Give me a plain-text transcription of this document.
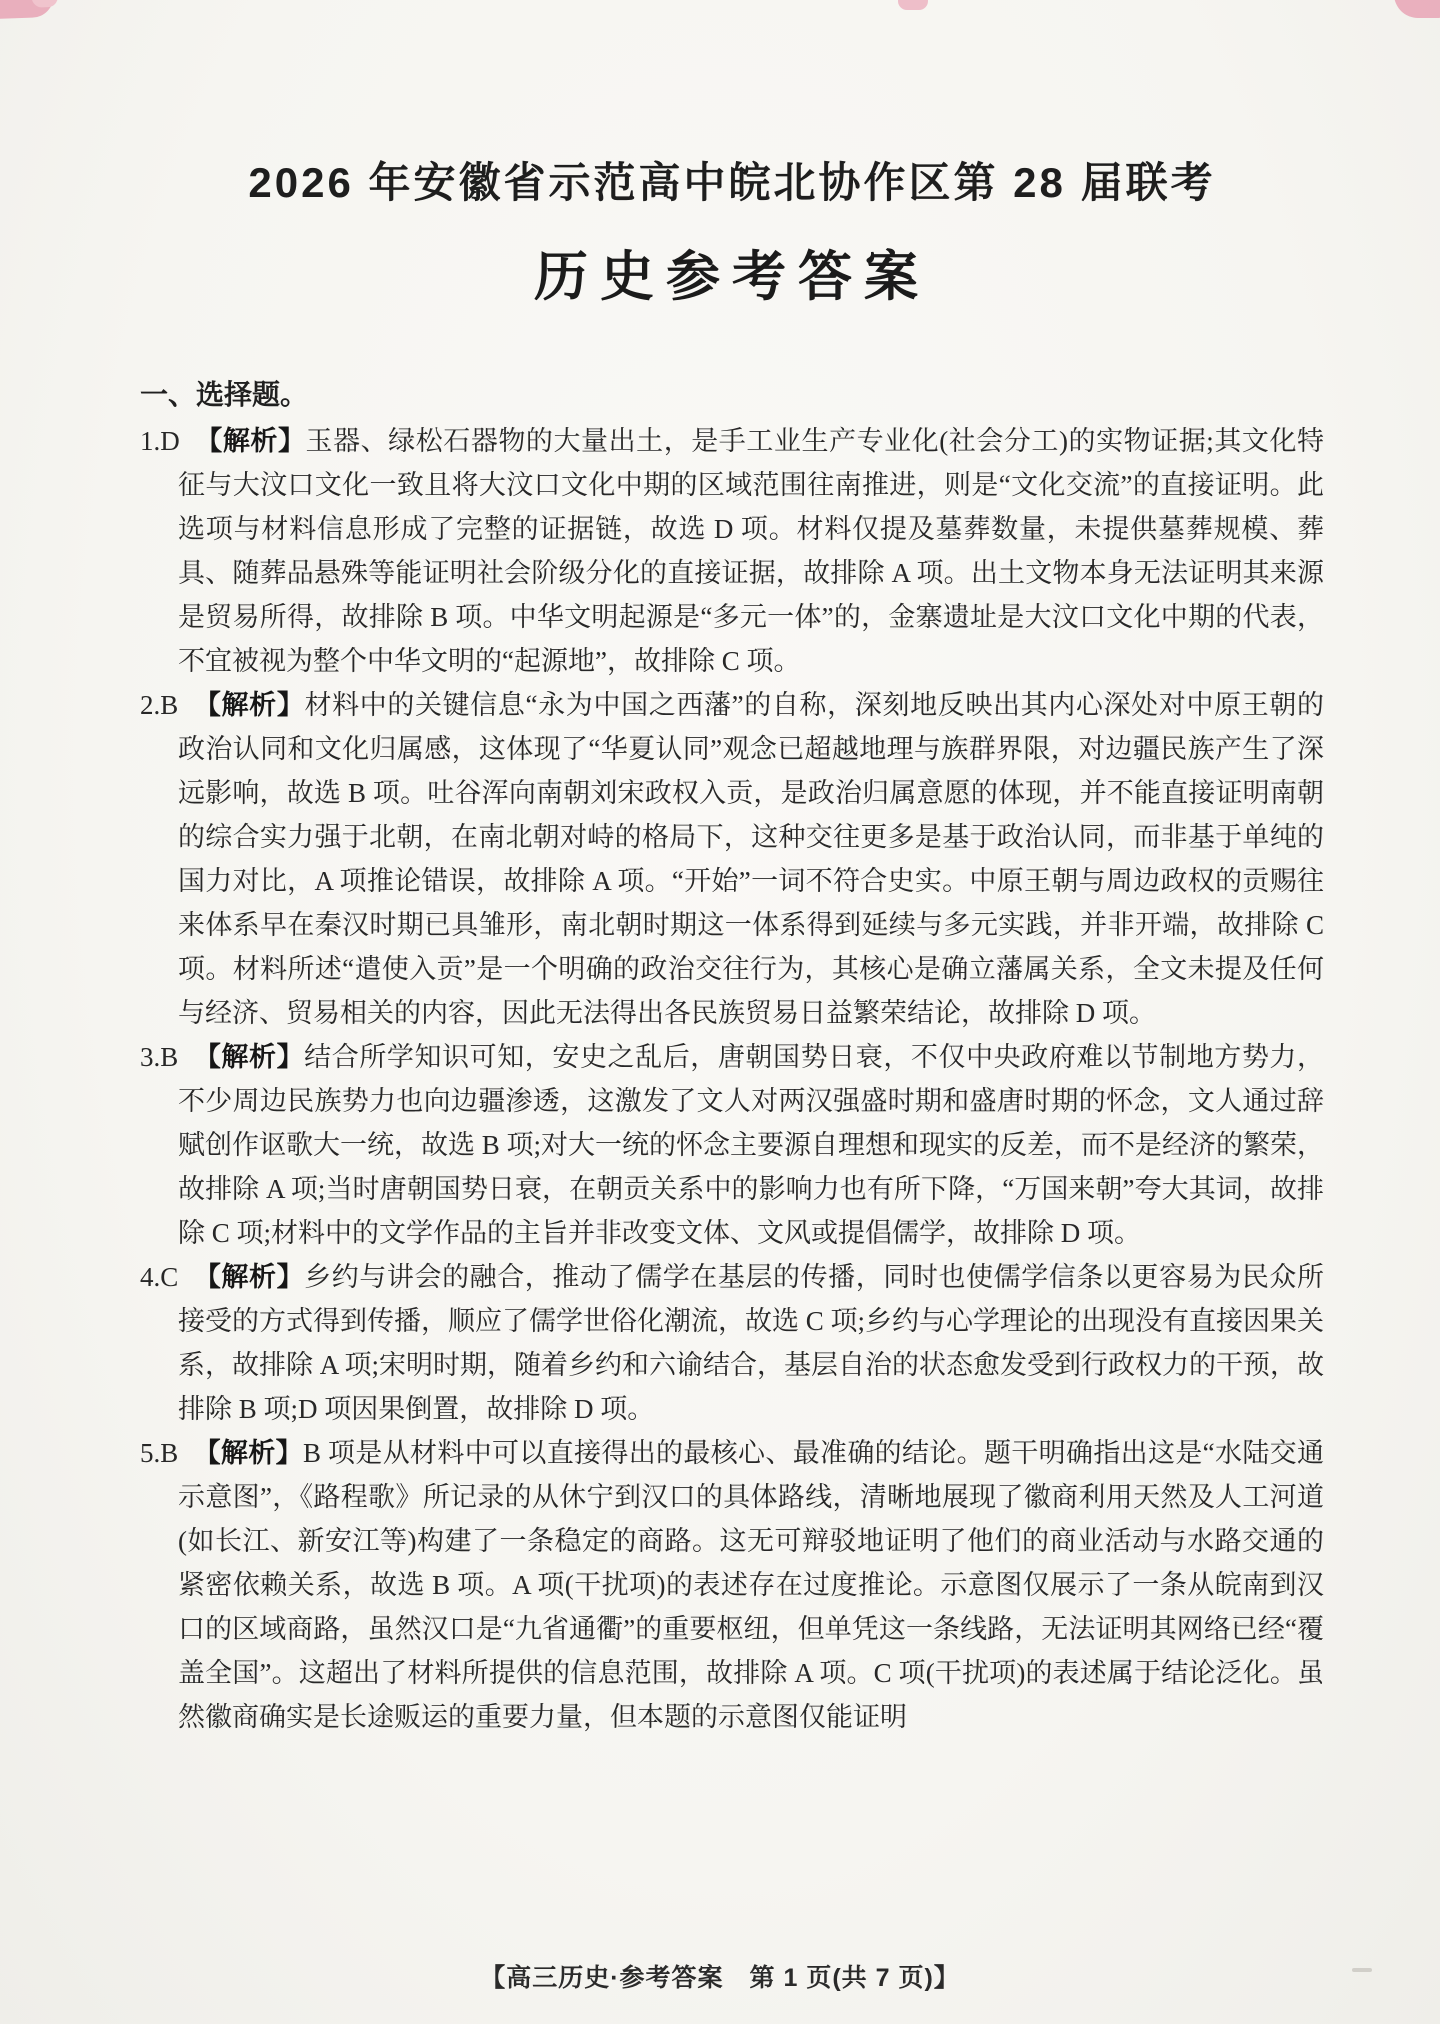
2026 年安徽省示范高中皖北协作区第 28 届联考
历史参考答案
一、选择题。

1.D 【解析】玉器、绿松石器物的大量出土，是手工业生产专业化(社会分工)的实物证据;其文化特征与大汶口文化一致且将大汶口文化中期的区域范围往南推进，则是“文化交流”的直接证明。此选项与材料信息形成了完整的证据链，故选 D 项。材料仅提及墓葬数量，未提供墓葬规模、葬具、随葬品悬殊等能证明社会阶级分化的直接证据，故排除 A 项。出土文物本身无法证明其来源是贸易所得，故排除 B 项。中华文明起源是“多元一体”的，金寨遗址是大汶口文化中期的代表，不宜被视为整个中华文明的“起源地”，故排除 C 项。

2.B 【解析】材料中的关键信息“永为中国之西藩”的自称，深刻地反映出其内心深处对中原王朝的政治认同和文化归属感，这体现了“华夏认同”观念已超越地理与族群界限，对边疆民族产生了深远影响，故选 B 项。吐谷浑向南朝刘宋政权入贡，是政治归属意愿的体现，并不能直接证明南朝的综合实力强于北朝，在南北朝对峙的格局下，这种交往更多是基于政治认同，而非基于单纯的国力对比，A 项推论错误，故排除 A 项。“开始”一词不符合史实。中原王朝与周边政权的贡赐往来体系早在秦汉时期已具雏形，南北朝时期这一体系得到延续与多元实践，并非开端，故排除 C 项。材料所述“遣使入贡”是一个明确的政治交往行为，其核心是确立藩属关系，全文未提及任何与经济、贸易相关的内容，因此无法得出各民族贸易日益繁荣结论，故排除 D 项。

3.B 【解析】结合所学知识可知，安史之乱后，唐朝国势日衰，不仅中央政府难以节制地方势力，不少周边民族势力也向边疆渗透，这激发了文人对两汉强盛时期和盛唐时期的怀念，文人通过辞赋创作讴歌大一统，故选 B 项;对大一统的怀念主要源自理想和现实的反差，而不是经济的繁荣，故排除 A 项;当时唐朝国势日衰，在朝贡关系中的影响力也有所下降，“万国来朝”夸大其词，故排除 C 项;材料中的文学作品的主旨并非改变文体、文风或提倡儒学，故排除 D 项。

4.C 【解析】乡约与讲会的融合，推动了儒学在基层的传播，同时也使儒学信条以更容易为民众所接受的方式得到传播，顺应了儒学世俗化潮流，故选 C 项;乡约与心学理论的出现没有直接因果关系，故排除 A 项;宋明时期，随着乡约和六谕结合，基层自治的状态愈发受到行政权力的干预，故排除 B 项;D 项因果倒置，故排除 D 项。

5.B 【解析】B 项是从材料中可以直接得出的最核心、最准确的结论。题干明确指出这是“水陆交通示意图”，《路程歌》所记录的从休宁到汉口的具体路线，清晰地展现了徽商利用天然及人工河道(如长江、新安江等)构建了一条稳定的商路。这无可辩驳地证明了他们的商业活动与水路交通的紧密依赖关系，故选 B 项。A 项(干扰项)的表述存在过度推论。示意图仅展示了一条从皖南到汉口的区域商路，虽然汉口是“九省通衢”的重要枢纽，但单凭这一条线路，无法证明其网络已经“覆盖全国”。这超出了材料所提供的信息范围，故排除 A 项。C 项(干扰项)的表述属于结论泛化。虽然徽商确实是长途贩运的重要力量，但本题的示意图仅能证明

【高三历史·参考答案　第 1 页(共 7 页)】
